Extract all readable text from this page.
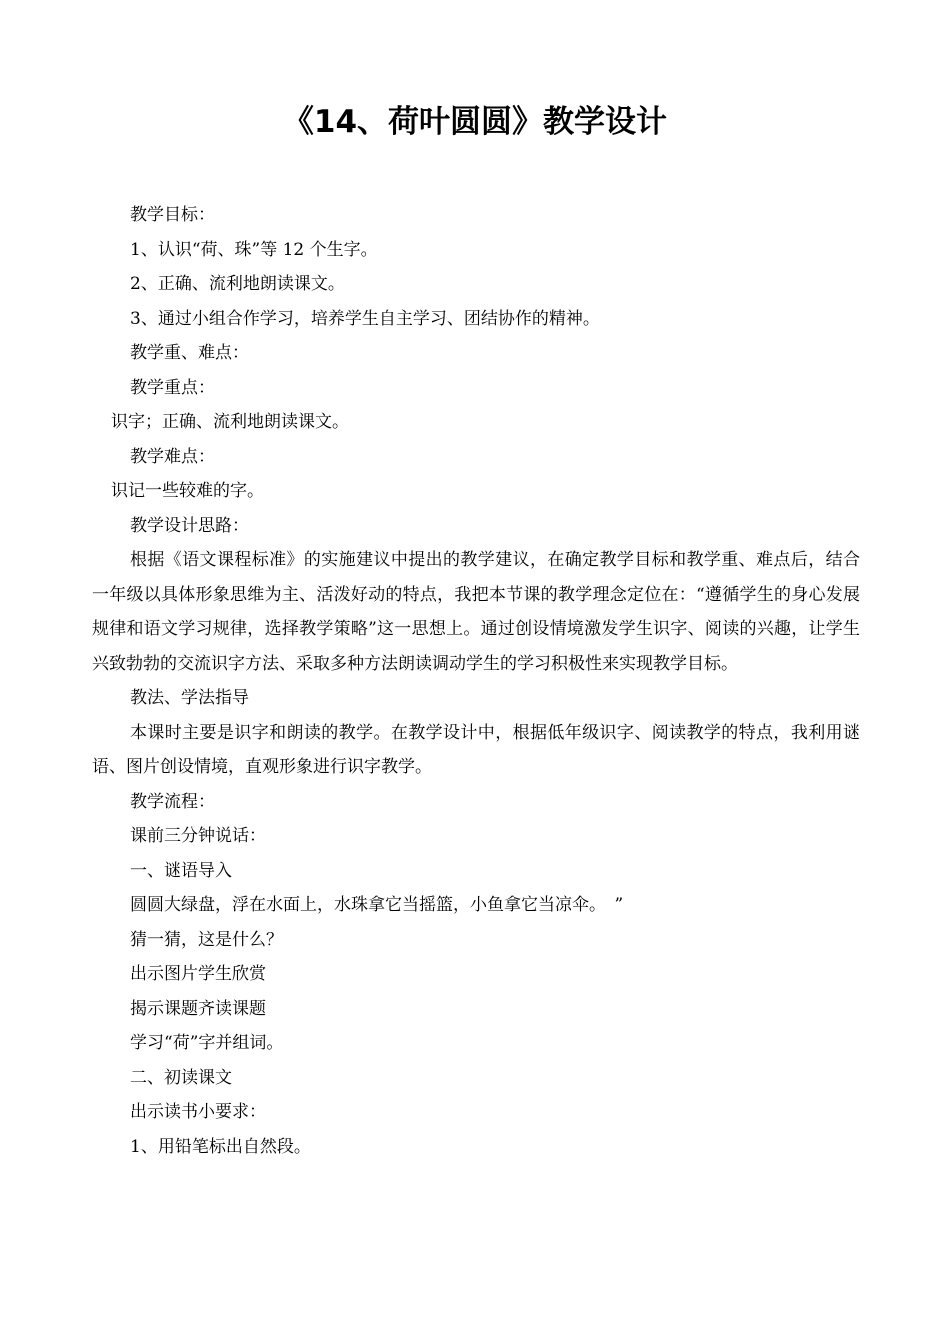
《14、荷叶圆圆》教学设计

教学目标：

1、认识“荷、珠”等 12 个生字。

2、正确、流利地朗读课文。

3、通过小组合作学习，培养学生自主学习、团结协作的精神。

教学重、难点：

教学重点：

识字；正确、流利地朗读课文。

教学难点：

识记一些较难的字。

教学设计思路：

根据《语文课程标准》的实施建议中提出的教学建议，在确定教学目标和教学重、难点后，结合一年级以具体形象思维为主、活泼好动的特点，我把本节课的教学理念定位在：“遵循学生的身心发展规律和语文学习规律，选择教学策略”这一思想上。通过创设情境激发学生识字、阅读的兴趣，让学生兴致勃勃的交流识字方法、采取多种方法朗读调动学生的学习积极性来实现教学目标。

教法、学法指导

本课时主要是识字和朗读的教学。在教学设计中，根据低年级识字、阅读教学的特点，我利用谜语、图片创设情境，直观形象进行识字教学。

教学流程：

课前三分钟说话：

一、谜语导入

圆圆大绿盘，浮在水面上，水珠拿它当摇篮，小鱼拿它当凉伞。　”

猜一猜，这是什么？

出示图片学生欣赏

揭示课题齐读课题

学习“荷”字并组词。

二、初读课文

出示读书小要求：

1、用铅笔标出自然段。
